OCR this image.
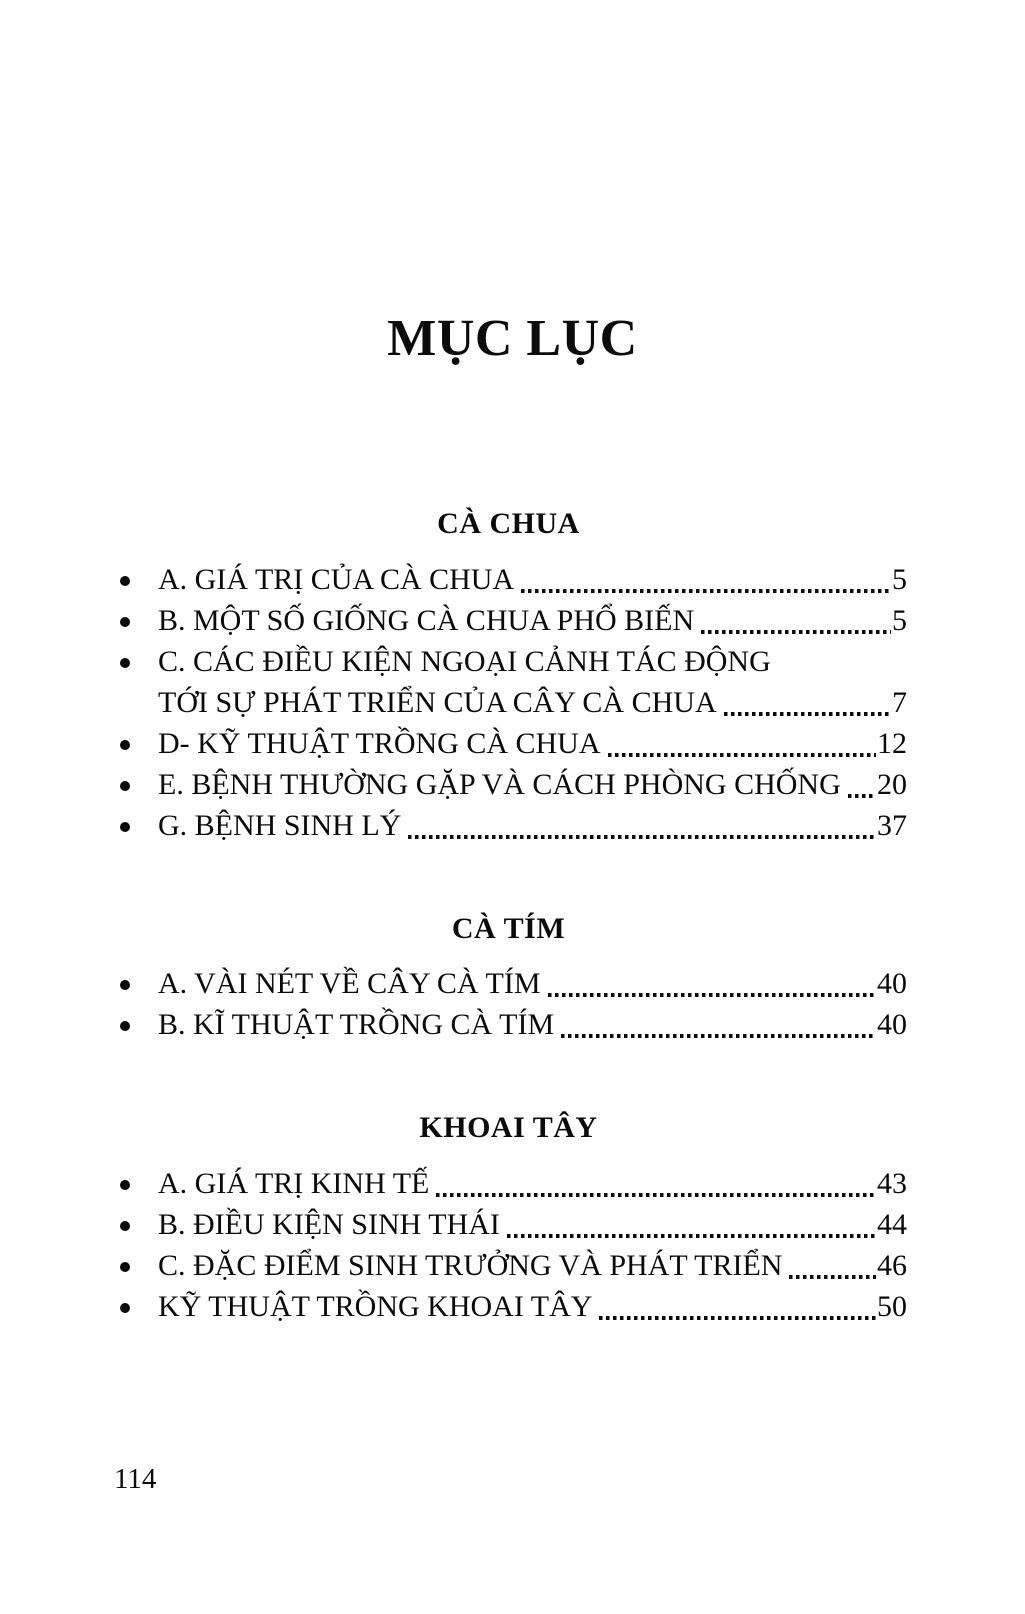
MỤC LỤC
CÀ CHUA
A. GIÁ TRỊ CỦA CÀ CHUA	5
B. MỘT SỐ GIỐNG CÀ CHUA PHỔ BIẾN	5
C. CÁC ĐIỀU KIỆN NGOẠI CẢNH TÁC ĐỘNG
TỚI SỰ PHÁT TRIỂN CỦA CÂY CÀ CHUA	7
D- KỸ THUẬT TRỒNG CÀ CHUA	12
E. BỆNH THƯỜNG GẶP VÀ CÁCH PHÒNG CHỐNG 20
G. BỆNH SINH LÝ	37
CÀ TÍM
A. VÀI NÉT VỀ CÂY CÀ TÍM	40
B. KĨ THUẬT TRỒNG CÀ TÍM	40
KHOAI TÂY
A. GIÁ TRỊ KINH TẾ	43
B. ĐIỀU KIỆN SINH THÁI	44
C. ĐẶC ĐIỂM SINH TRƯỞNG VÀ PHÁT TRIỂN	46
KỸ THUẬT TRỒNG KHOAI TÂY	50
114
